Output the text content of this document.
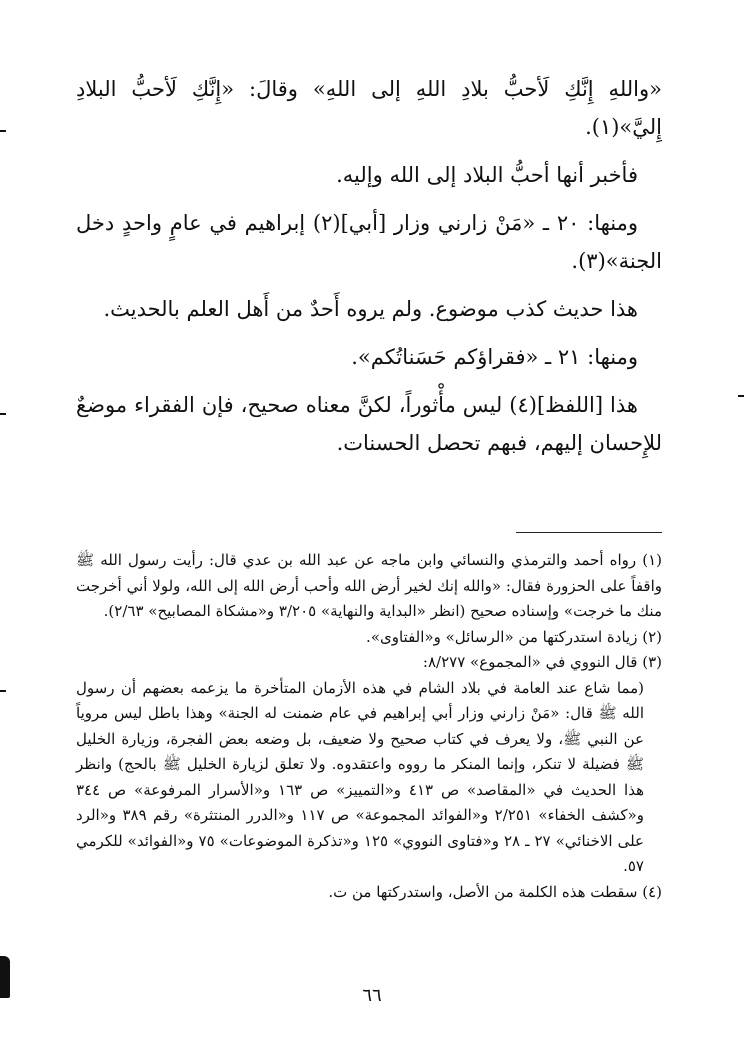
«واللهِ إِنَّكِ لَأحبُّ بلادِ اللهِ إلى اللهِ» وقالَ: «إِنَّكِ لَأحبُّ البلادِ إِليَّ»(١).

فأخبر أنها أحبُّ البلاد إلى الله وإليه.

ومنها: ٢٠ ـ «مَنْ زارني وزار [أبي](٢) إبراهيم في عامٍ واحدٍ دخل الجنة»(٣).

هذا حديث كذب موضوع. ولم يروه أَحدٌ من أَهل العلم بالحديث.

ومنها: ٢١ ـ «فقراؤكم حَسَناتُكم».

هذا [اللفظ](٤) ليس مأْثوراً، لكنَّ معناه صحيح، فإن الفقراء موضعٌ للإِحسان إليهم، فبهم تحصل الحسنات.

(١) رواه أحمد والترمذي والنسائي وابن ماجه عن عبد الله بن عدي قال: رأيت رسول الله ﷺ واقفاً على الحزورة فقال: «والله إنك لخير أرض الله وأحب أرض الله إلى الله، ولولا أني أخرجت منك ما خرجت» وإسناده صحيح (انظر «البداية والنهاية» ٣/٢٠٥ و«مشكاة المصابيح» ٢/٦٣).

(٢) زيادة استدركتها من «الرسائل» و«الفتاوى».

(٣) قال النووي في «المجموع» ٨/٢٧٧:

(مما شاع عند العامة في بلاد الشام في هذه الأزمان المتأخرة ما يزعمه بعضهم أن رسول الله ﷺ قال: «مَنْ زارني وزار أبي إبراهيم في عام ضمنت له الجنة» وهذا باطل ليس مروياً عن النبي ﷺ، ولا يعرف في كتاب صحيح ولا ضعيف، بل وضعه بعض الفجرة، وزيارة الخليل ﷺ فضيلة لا تنكر، وإنما المنكر ما رووه واعتقدوه. ولا تعلق لزيارة الخليل ﷺ بالحج) وانظر هذا الحديث في «المقاصد» ص ٤١٣ و«التمييز» ص ١٦٣ و«الأسرار المرفوعة» ص ٣٤٤ و«كشف الخفاء» ٢/٢٥١ و«الفوائد المجموعة» ص ١١٧ و«الدرر المنتثرة» رقم ٣٨٩ و«الرد على الاخنائي» ٢٧ ـ ٢٨ و«فتاوى النووي» ١٢٥ و«تذكرة الموضوعات» ٧٥ و«الفوائد» للكرمي ٥٧.

(٤) سقطت هذه الكلمة من الأصل، واستدركتها من ت.

٦٦
